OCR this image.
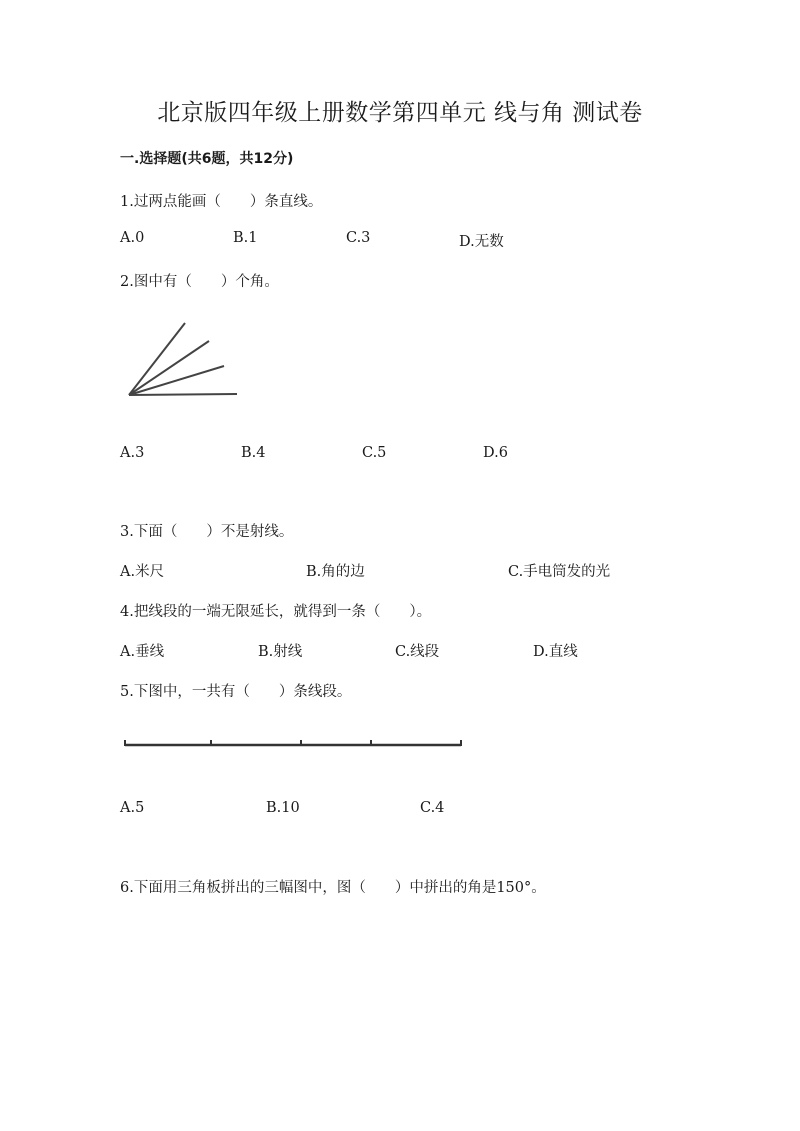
北京版四年级上册数学第四单元 线与角 测试卷
一.选择题(共6题，共12分)
1.过两点能画（　　）条直线。
A.0	B.1	C.3	D.无数
2.图中有（　　）个角。
A.3	B.4	C.5	D.6
3.下面（　　）不是射线。
A.米尺	B.角的边	C.手电筒发的光
4.把线段的一端无限延长，就得到一条（　　）。
A.垂线	B.射线	C.线段	D.直线
5.下图中，一共有（　　）条线段。
A.5	B.10	C.4
6.下面用三角板拼出的三幅图中，图（　　）中拼出的角是150°。
